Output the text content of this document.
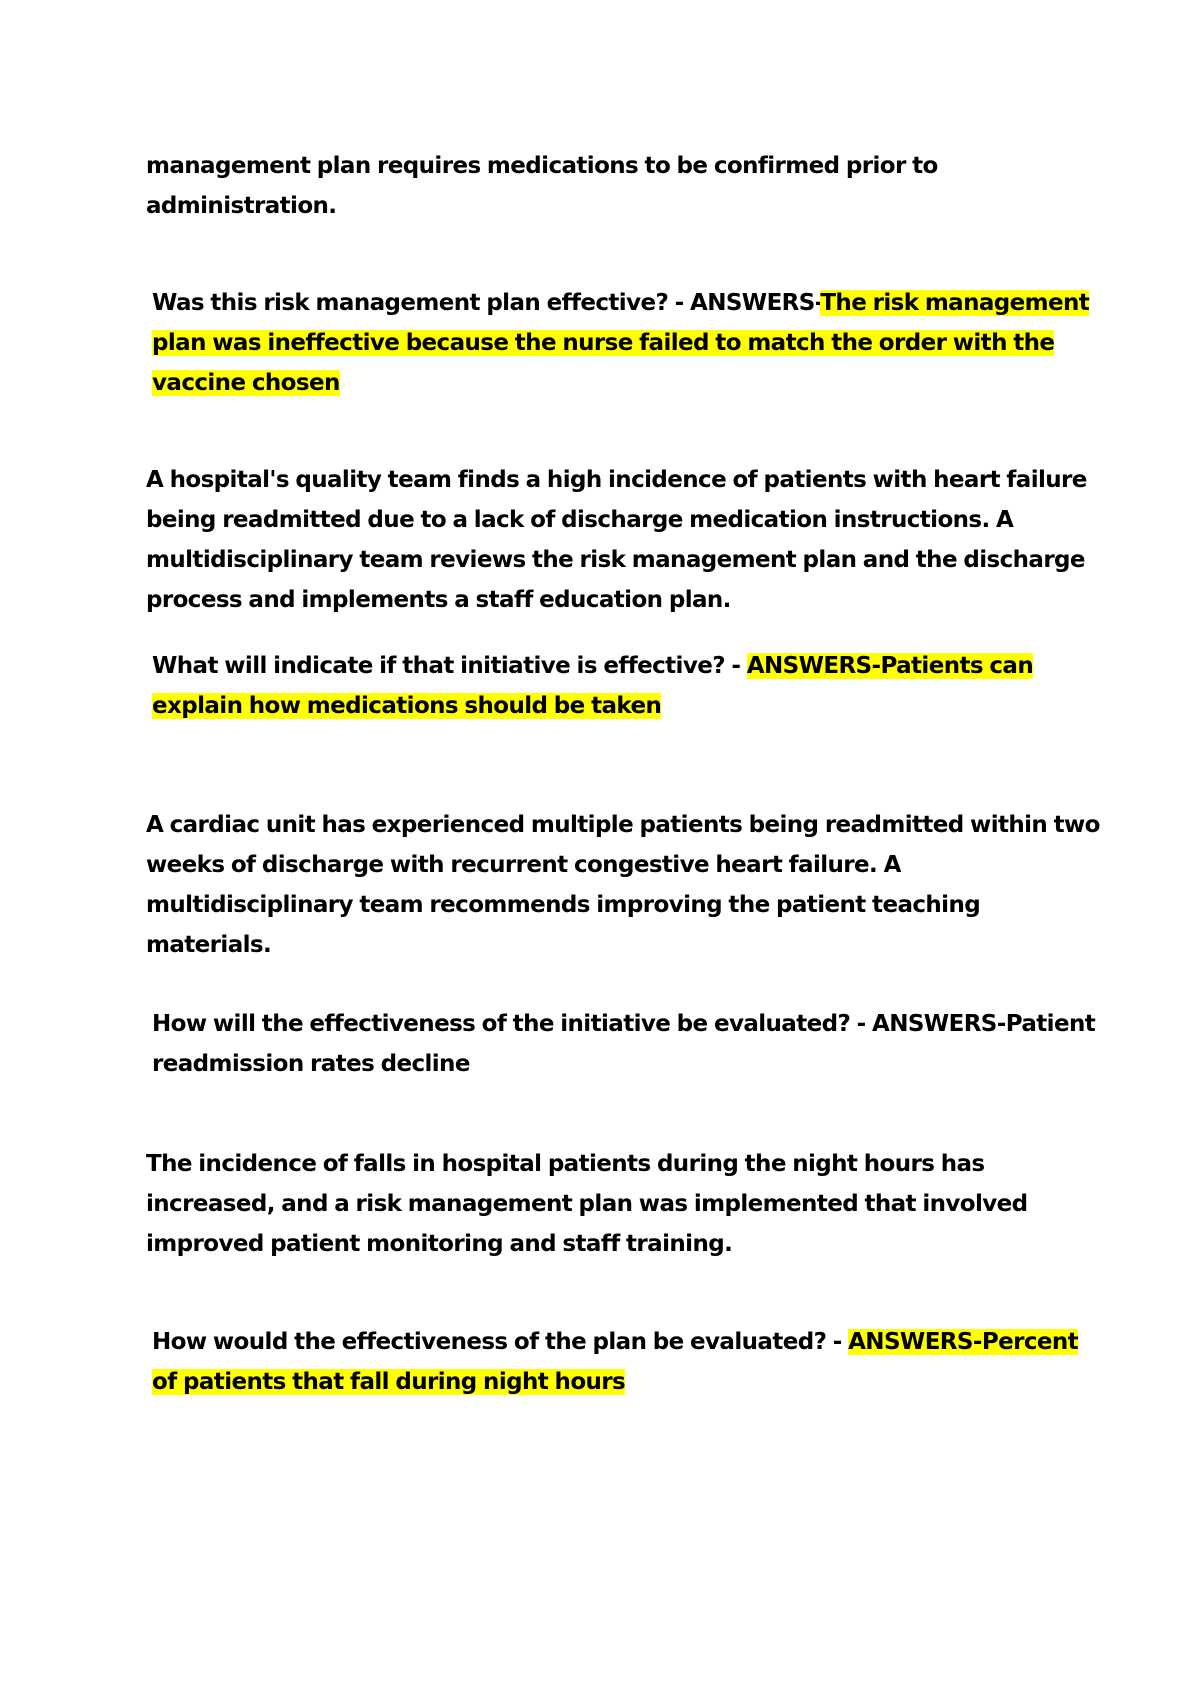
management plan requires medications to be confirmed prior to
administration.
Was this risk management plan effective? - ANSWERS-The risk management
plan was ineffective because the nurse failed to match the order with the
vaccine chosen
A hospital's quality team finds a high incidence of patients with heart failure
being readmitted due to a lack of discharge medication instructions. A
multidisciplinary team reviews the risk management plan and the discharge
process and implements a staff education plan.
What will indicate if that initiative is effective? - ANSWERS-Patients can
explain how medications should be taken
A cardiac unit has experienced multiple patients being readmitted within two
weeks of discharge with recurrent congestive heart failure. A
multidisciplinary team recommends improving the patient teaching
materials.
How will the effectiveness of the initiative be evaluated? - ANSWERS-Patient
readmission rates decline
The incidence of falls in hospital patients during the night hours has
increased, and a risk management plan was implemented that involved
improved patient monitoring and staff training.
How would the effectiveness of the plan be evaluated? - ANSWERS-Percent
of patients that fall during night hours
